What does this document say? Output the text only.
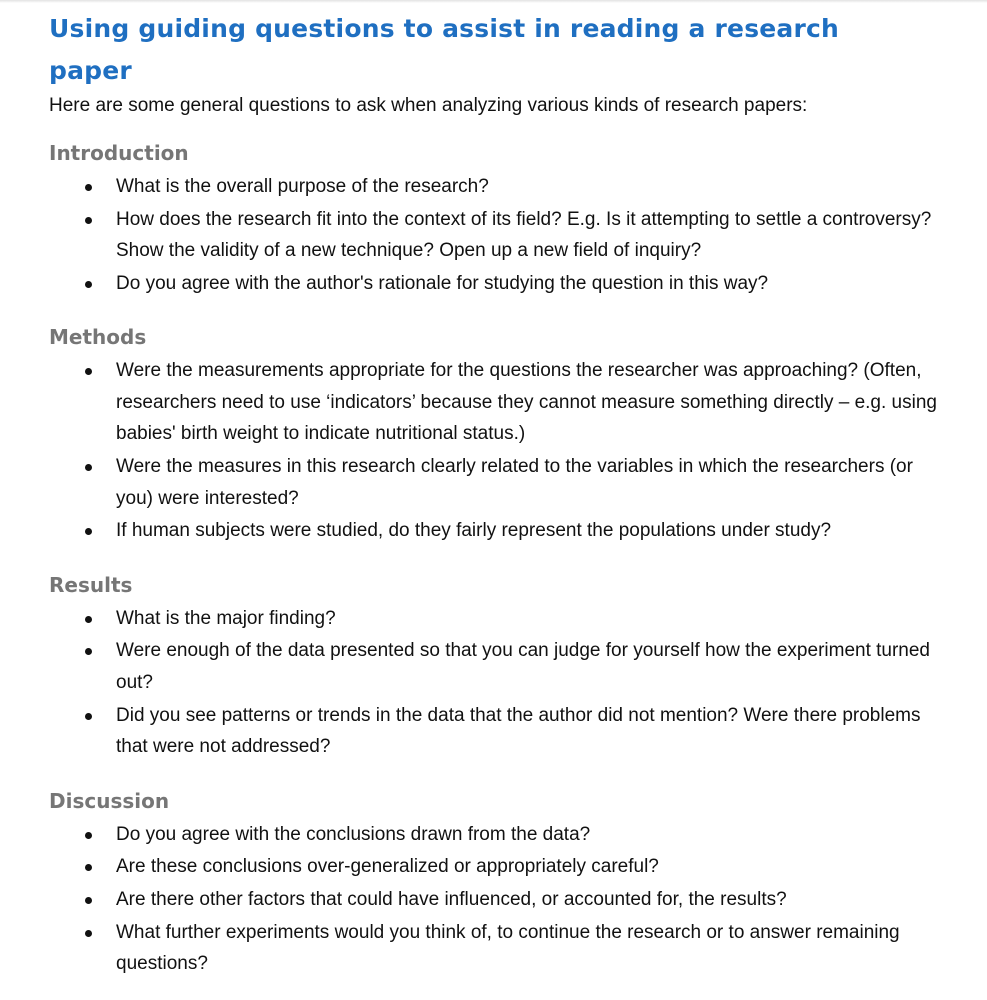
Using guiding questions to assist in reading a research paper

Here are some general questions to ask when analyzing various kinds of research papers:

Introduction
What is the overall purpose of the research?
How does the research fit into the context of its field? E.g. Is it attempting to settle a controversy? Show the validity of a new technique? Open up a new field of inquiry?
Do you agree with the author's rationale for studying the question in this way?
Methods
Were the measurements appropriate for the questions the researcher was approaching? (Often, researchers need to use ‘indicators’ because they cannot measure something directly – e.g. using babies' birth weight to indicate nutritional status.)
Were the measures in this research clearly related to the variables in which the researchers (or you) were interested?
If human subjects were studied, do they fairly represent the populations under study?
Results
What is the major finding?
Were enough of the data presented so that you can judge for yourself how the experiment turned out?
Did you see patterns or trends in the data that the author did not mention? Were there problems that were not addressed?
Discussion
Do you agree with the conclusions drawn from the data?
Are these conclusions over-generalized or appropriately careful?
Are there other factors that could have influenced, or accounted for, the results?
What further experiments would you think of, to continue the research or to answer remaining questions?
